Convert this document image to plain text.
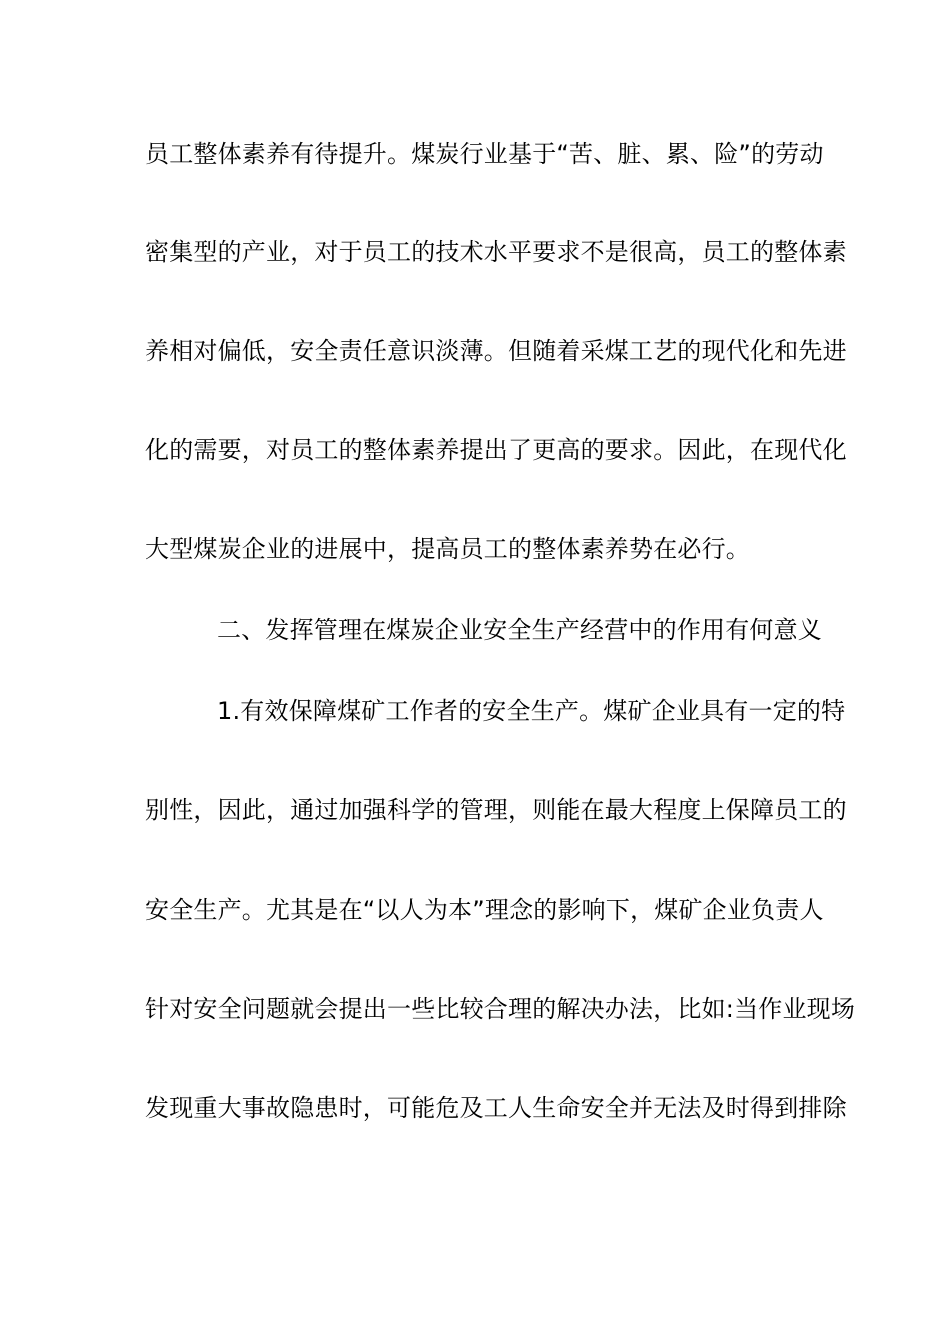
员工整体素养有待提升。煤炭行业基于“苦、脏、累、险”的劳动
密集型的产业，对于员工的技术水平要求不是很高，员工的整体素
养相对偏低，安全责任意识淡薄。但随着采煤工艺的现代化和先进
化的需要，对员工的整体素养提出了更高的要求。因此，在现代化
大型煤炭企业的进展中，提高员工的整体素养势在必行。
二、发挥管理在煤炭企业安全生产经营中的作用有何意义
1.有效保障煤矿工作者的安全生产。煤矿企业具有一定的特
别性，因此，通过加强科学的管理，则能在最大程度上保障员工的
安全生产。尤其是在“以人为本”理念的影响下，煤矿企业负责人
针对安全问题就会提出一些比较合理的解决办法，比如:当作业现场
发现重大事故隐患时，可能危及工人生命安全并无法及时得到排除
